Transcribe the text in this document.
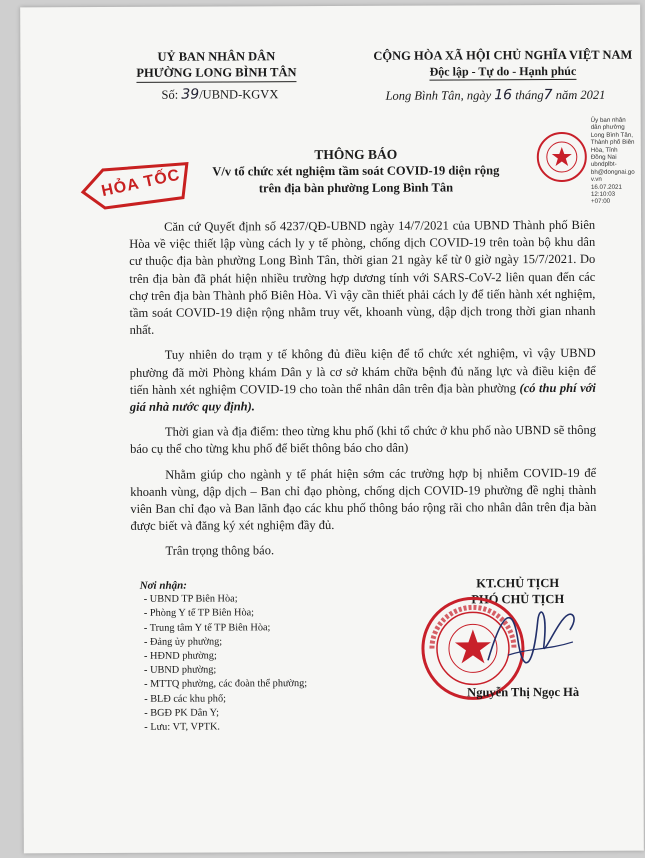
UỶ BAN NHÂN DÂN
PHƯỜNG LONG BÌNH TÂN
Số: 39/UBND-KGVX
CỘNG HÒA XÃ HỘI CHỦ NGHĨA VIỆT NAM
Độc lập - Tự do - Hạnh phúc
Long Bình Tân, ngày 16 tháng7 năm 2021
Ủy ban nhân
dân phường
Long Bình Tân,
Thành phố Biên
Hòa, Tỉnh
Đồng Nai
ubndplbt-
bh@dongnai.go
v.vn
16.07.2021
12:10:03
+07:00
HỎA TỐC
THÔNG BÁO
V/v tổ chức xét nghiệm tầm soát COVID-19 diện rộng
trên địa bàn phường Long Bình Tân

Căn cứ Quyết định số 4237/QĐ-UBND ngày 14/7/2021 của UBND Thành phố Biên Hòa về việc thiết lập vùng cách ly y tế phòng, chống dịch COVID-19 trên toàn bộ khu dân cư thuộc địa bàn phường Long Bình Tân, thời gian 21 ngày kể từ 0 giờ ngày 15/7/2021. Do trên địa bàn đã phát hiện nhiều trường hợp dương tính với SARS-CoV-2 liên quan đến các chợ trên địa bàn Thành phố Biên Hòa. Vì vậy cần thiết phải cách ly để tiến hành xét nghiệm, tầm soát COVID-19 diện rộng nhằm truy vết, khoanh vùng, dập dịch trong thời gian nhanh nhất.

Tuy nhiên do trạm y tế không đủ điều kiện để tổ chức xét nghiệm, vì vậy UBND phường đã mời Phòng khám Dân y là cơ sở khám chữa bệnh đủ năng lực và điều kiện để tiến hành xét nghiệm COVID-19 cho toàn thể nhân dân trên địa bàn phường (có thu phí với giá nhà nước quy định).

Thời gian và địa điểm: theo từng khu phố (khi tổ chức ở khu phố nào UBND sẽ thông báo cụ thể cho từng khu phố để biết thông báo cho dân)

Nhằm giúp cho ngành y tế phát hiện sớm các trường hợp bị nhiễm COVID-19 để khoanh vùng, dập dịch – Ban chỉ đạo phòng, chống dịch COVID-19 phường đề nghị thành viên Ban chỉ đạo và Ban lãnh đạo các khu phố thông báo rộng rãi cho nhân dân trên địa bàn được biết và đăng ký xét nghiệm đầy đủ.

Trân trọng thông báo.

Nơi nhận:
- UBND TP Biên Hòa;
- Phòng Y tế TP Biên Hòa;
- Trung tâm Y tế TP Biên Hòa;
- Đảng ủy phường;
- HĐND phường;
- UBND phường;
- MTTQ phường, các đoàn thể phường;
- BLĐ các khu phố;
- BGĐ PK Dân Y;
- Lưu: VT, VPTK.
KT.CHỦ TỊCH
PHÓ CHỦ TỊCH
Nguyễn Thị Ngọc Hà
